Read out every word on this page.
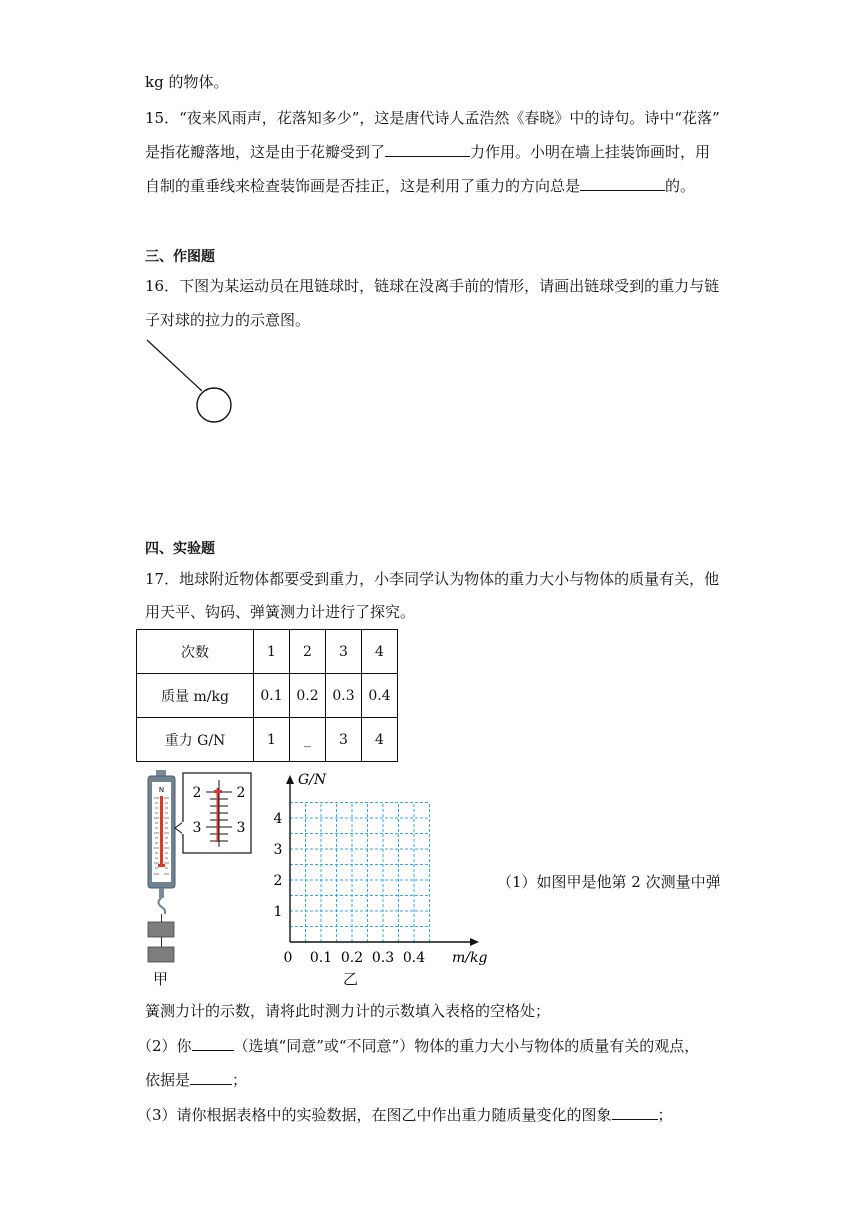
kg 的物体。
15．“夜来风雨声，花落知多少”，这是唐代诗人孟浩然《春晓》中的诗句。诗中“花落”
是指花瓣落地，这是由于花瓣受到了	力作用。小明在墙上挂装饰画时，用
自制的重垂线来检查装饰画是否挂正，这是利用了重力的方向总是	的。
三、作图题
16．下图为某运动员在甩链球时，链球在没离手前的情形，请画出链球受到的重力与链
子对球的拉力的示意图。
四、实验题
17．地球附近物体都要受到重力，小李同学认为物体的重力大小与物体的质量有关，他
用天平、钩码、弹簧测力计进行了探究。
次数	1	2	3	4
质量 m/kg	0.1	0.2	0.3	0.4
重力 G/N	1	_	3	4
N 2
3
2
3
甲
0 0.1 0.2 0.3 0.4
1
2
3
4
G/N
m/kg
乙
（1）如图甲是他第 2 次测量中弹
簧测力计的示数，请将此时测力计的示数填入表格的空格处；
（2）你	（选填“同意”或“不同意”）物体的重力大小与物体的质量有关的观点，
依据是	；
（3）请你根据表格中的实验数据，在图乙中作出重力随质量变化的图象	；
